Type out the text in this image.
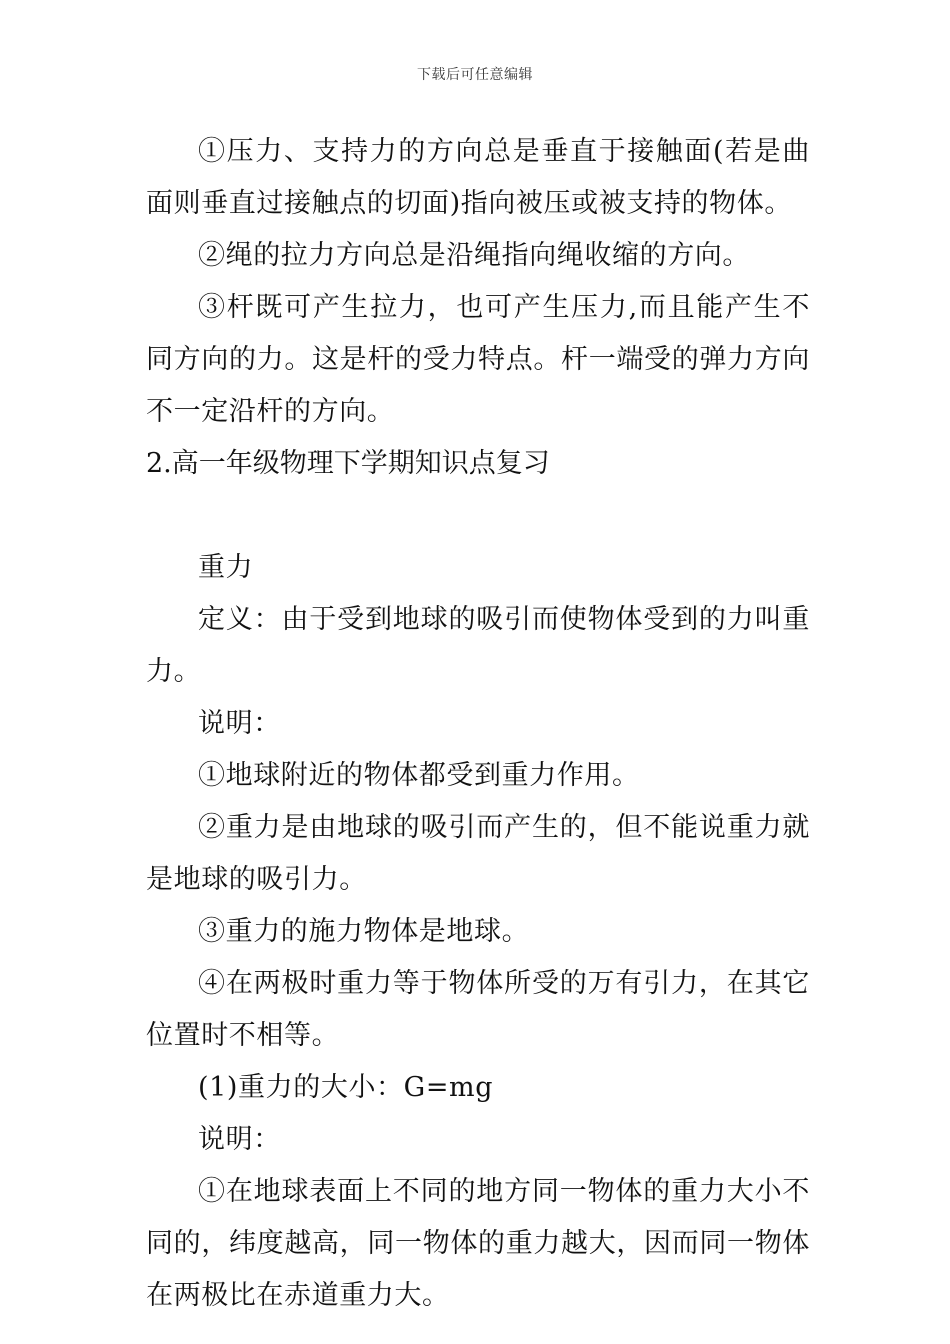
下载后可任意编辑

①压力、支持力的方向总是垂直于接触面(若是曲面则垂直过接触点的切面)指向被压或被支持的物体。

②绳的拉力方向总是沿绳指向绳收缩的方向。

③杆既可产生拉力，也可产生压力,而且能产生不同方向的力。这是杆的受力特点。杆一端受的弹力方向不一定沿杆的方向。

2.高一年级物理下学期知识点复习

重力

定义：由于受到地球的吸引而使物体受到的力叫重力。

说明：

①地球附近的物体都受到重力作用。

②重力是由地球的吸引而产生的，但不能说重力就是地球的吸引力。

③重力的施力物体是地球。

④在两极时重力等于物体所受的万有引力，在其它位置时不相等。

(1)重力的大小：G=mg

说明：

①在地球表面上不同的地方同一物体的重力大小不同的，纬度越高，同一物体的重力越大，因而同一物体在两极比在赤道重力大。
